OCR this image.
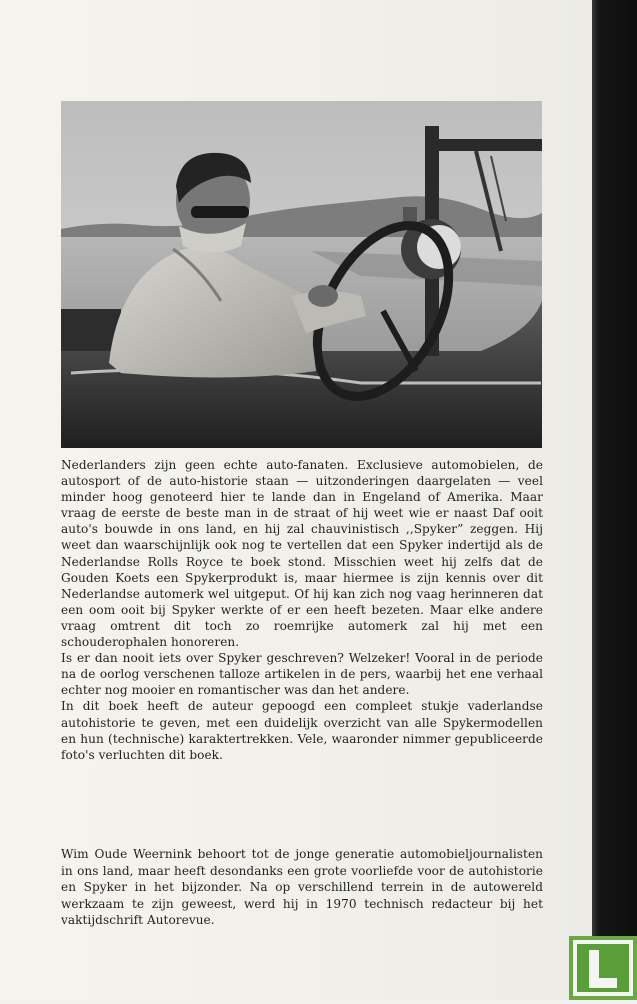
Nederlanders zijn geen echte auto-fanaten. Exclusieve automobielen, de autosport of de auto-historie staan — uitzonderingen daargelaten — veel minder hoog genoteerd hier te lande dan in Engeland of Amerika. Maar vraag de eerste de beste man in de straat of hij weet wie er naast Daf ooit auto's bouwde in ons land, en hij zal chauvinistisch ,,Spyker” zeggen. Hij weet dan waarschijnlijk ook nog te vertellen dat een Spyker indertijd als de Nederlandse Rolls Royce te boek stond. Misschien weet hij zelfs dat de Gouden Koets een Spykerprodukt is, maar hiermee is zijn kennis over dit Nederlandse automerk wel uitgeput. Of hij kan zich nog vaag herinneren dat een oom ooit bij Spyker werkte of er een heeft bezeten. Maar elke andere vraag omtrent dit toch zo roemrijke automerk zal hij met een schouderophalen honoreren.

Is er dan nooit iets over Spyker geschreven? Welzeker! Vooral in de periode na de oorlog verschenen talloze artikelen in de pers, waarbij het ene verhaal echter nog mooier en romantischer was dan het andere.

In dit boek heeft de auteur gepoogd een compleet stukje vaderlandse autohistorie te geven, met een duidelijk overzicht van alle Spykermodellen en hun (technische) karaktertrekken. Vele, waaronder nimmer gepubliceerde foto's verluchten dit boek.

Wim Oude Weernink behoort tot de jonge generatie automobieljournalisten in ons land, maar heeft desondanks een grote voorliefde voor de autohistorie en Spyker in het bijzonder. Na op verschillend terrein in de autowereld werkzaam te zijn geweest, werd hij in 1970 technisch redacteur bij het vaktijdschrift Autorevue.
